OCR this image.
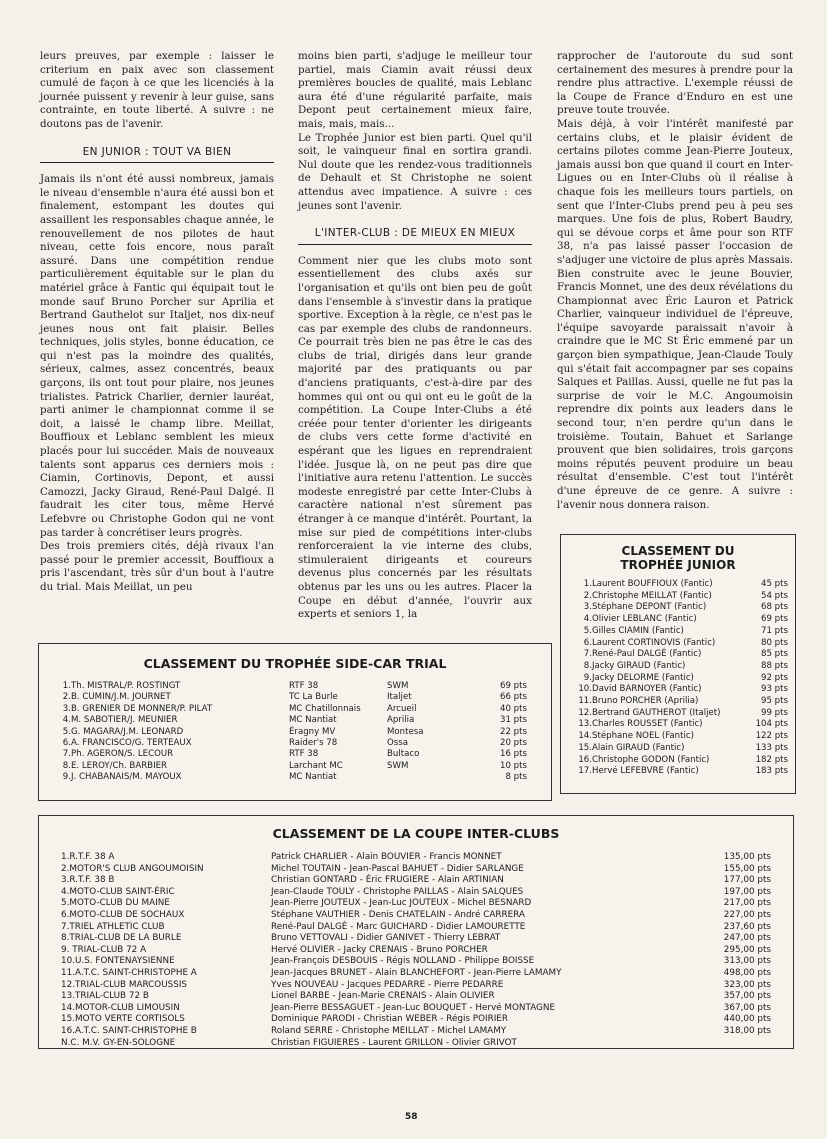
leurs preuves, par exemple : laisser le criterium en paix avec son classement cumulé de façon à ce que les licenciés à la journée puissent y revenir à leur guise, sans contrainte, en toute liberté. A suivre : ne doutons pas de l'avenir.

EN JUNIOR : TOUT VA BIEN

Jamais ils n'ont été aussi nombreux, jamais le niveau d'ensemble n'aura été aussi bon et finalement, estompant les doutes qui assaillent les responsables chaque année, le renouvellement de nos pilotes de haut niveau, cette fois encore, nous paraît assuré. Dans une compétition rendue particulièrement équitable sur le plan du matériel grâce à Fantic qui équipait tout le monde sauf Bruno Porcher sur Aprilia et Bertrand Gauthelot sur Italjet, nos dix-neuf jeunes nous ont fait plaisir. Belles techniques, jolis styles, bonne éducation, ce qui n'est pas la moindre des qualités, sérieux, calmes, assez concentrés, beaux garçons, ils ont tout pour plaire, nos jeunes trialistes. Patrick Charlier, dernier lauréat, parti animer le championnat comme il se doit, a laissé le champ libre. Meillat, Bouffioux et Leblanc semblent les mieux placés pour lui succéder. Mais de nouveaux talents sont apparus ces derniers mois : Ciamin, Cortinovis, Depont, et aussi Camozzi, Jacky Giraud, René-Paul Dalgé. Il faudrait les citer tous, même Hervé Lefebvre ou Christophe Godon qui ne vont pas tarder à concrétiser leurs progrès.

Des trois premiers cités, déjà rivaux l'an passé pour le premier accessit, Bouffioux a pris l'ascendant, très sûr d'un bout à l'autre du trial. Mais Meillat, un peu

moins bien parti, s'adjuge le meilleur tour partiel, mais Ciamin avait réussi deux premières boucles de qualité, mais Leblanc aura été d'une régularité parfaite, mais Depont peut certainement mieux faire, mais, mais, mais...

Le Trophée Junior est bien parti. Quel qu'il soit, le vainqueur final en sortira grandi. Nul doute que les rendez-vous traditionnels de Dehault et St Christophe ne soient attendus avec impatience. A suivre : ces jeunes sont l'avenir.

L'INTER-CLUB : DE MIEUX EN MIEUX

Comment nier que les clubs moto sont essentiellement des clubs axés sur l'organisation et qu'ils ont bien peu de goût dans l'ensemble à s'investir dans la pratique sportive. Exception à la règle, ce n'est pas le cas par exemple des clubs de randonneurs. Ce pourrait très bien ne pas être le cas des clubs de trial, dirigés dans leur grande majorité par des pratiquants ou par d'anciens pratiquants, c'est-à-dire par des hommes qui ont ou qui ont eu le goût de la compétition. La Coupe Inter-Clubs a été créée pour tenter d'orienter les dirigeants de clubs vers cette forme d'activité en espérant que les ligues en reprendraient l'idée. Jusque là, on ne peut pas dire que l'initiative aura retenu l'attention. Le succès modeste enregistré par cette Inter-Clubs à caractère national n'est sûrement pas étranger à ce manque d'intérêt. Pourtant, la mise sur pied de compétitions inter-clubs renforceraient la vie interne des clubs, stimuleraient dirigeants et coureurs devenus plus concernés par les résultats obtenus par les uns ou les autres. Placer la Coupe en début d'année, l'ouvrir aux experts et seniors 1, la

rapprocher de l'autoroute du sud sont certainement des mesures à prendre pour la rendre plus attractive. L'exemple réussi de la Coupe de France d'Enduro en est une preuve toute trouvée.

Mais déjà, à voir l'intérêt manifesté par certains clubs, et le plaisir évident de certains pilotes comme Jean-Pierre Jouteux, jamais aussi bon que quand il court en Inter-Ligues ou en Inter-Clubs où il réalise à chaque fois les meilleurs tours partiels, on sent que l'Inter-Clubs prend peu à peu ses marques. Une fois de plus, Robert Baudry, qui se dévoue corps et âme pour son RTF 38, n'a pas laissé passer l'occasion de s'adjuger une victoire de plus après Massais. Bien construite avec le jeune Bouvier, Francis Monnet, une des deux révélations du Championnat avec Éric Lauron et Patrick Charlier, vainqueur individuel de l'épreuve, l'équipe savoyarde paraissait n'avoir à craindre que le MC St Éric emmené par un garçon bien sympathique, Jean-Claude Touly qui s'était fait accompagner par ses copains Salques et Paillas. Aussi, quelle ne fut pas la surprise de voir le M.C. Angoumoisin reprendre dix points aux leaders dans le second tour, n'en perdre qu'un dans le troisième. Toutain, Bahuet et Sarlange prouvent que bien solidaires, trois garçons moins réputés peuvent produire un beau résultat d'ensemble. C'est tout l'intérêt d'une épreuve de ce genre. A suivre : l'avenir nous donnera raison.

CLASSEMENT DU
TROPHÉE JUNIOR
1.	Laurent BOUFFIOUX (Fantic)	45 pts
2.	Christophe MEILLAT (Fantic)	54 pts
3.	Stéphane DEPONT (Fantic)	68 pts
4.	Olivier LEBLANC (Fantic)	69 pts
5.	Gilles CIAMIN (Fantic)	71 pts
6.	Laurent CORTINOVIS (Fantic)	80 pts
7.	René-Paul DALGÉ (Fantic)	85 pts
8.	Jacky GIRAUD (Fantic)	88 pts
9.	Jacky DELORME (Fantic)	92 pts
10.	David BARNOYER (Fantic)	93 pts
11.	Bruno PORCHER (Aprilia)	95 pts
12.	Bertrand GAUTHEROT (Italjet)	99 pts
13.	Charles ROUSSET (Fantic)	104 pts
14.	Stéphane NOEL (Fantic)	122 pts
15.	Alain GIRAUD (Fantic)	133 pts
16.	Christophe GODON (Fantic)	182 pts
17.	Hervé LEFEBVRE (Fantic)	183 pts
CLASSEMENT DU TROPHÉE SIDE-CAR TRIAL
1.	Th. MISTRAL/P. ROSTINGT	RTF 38	SWM	69 pts
2.	B. CUMIN/J.M. JOURNET	TC La Burle	Italjet	66 pts
3.	B. GRENIER DE MONNER/P. PILAT	MC Chatillonnais	Arcueil	40 pts
4.	M. SABOTIER/J. MEUNIER	MC Nantiat	Aprilia	31 pts
5.	G. MAGARA/J.M. LEONARD	Éragny MV	Montesa	22 pts
6.	A. FRANCISCO/G. TERTEAUX	Raider's 78	Ossa	20 pts
7.	Ph. AGERON/S. LECOUR	RTF 38	Bultaco	16 pts
8.	E. LEROY/Ch. BARBIER	Larchant MC	SWM	10 pts
9.	J. CHABANAIS/M. MAYOUX	MC Nantiat		8 pts
CLASSEMENT DE LA COUPE INTER-CLUBS
1.R.T.F. 38 A	Patrick CHARLIER - Alain BOUVIER - Francis MONNET	135,00 pts
2.MOTOR'S CLUB ANGOUMOISIN	Michel TOUTAIN - Jean-Pascal BAHUET - Didier SARLANGE	155,00 pts
3.R.T.F. 38 B	Christian GONTARD - Éric FRUGIERE - Alain ARTINIAN	177,00 pts
4.MOTO-CLUB SAINT-ÉRIC	Jean-Claude TOULY - Christophe PAILLAS - Alain SALQUES	197,00 pts
5.MOTO-CLUB DU MAINE	Jean-Pierre JOUTEUX - Jean-Luc JOUTEUX - Michel BESNARD	217,00 pts
6.MOTO-CLUB DE SOCHAUX	Stéphane VAUTHIER - Denis CHATELAIN - André CARRERA	227,00 pts
7.TRIEL ATHLETIC CLUB	René-Paul DALGÉ - Marc GUICHARD - Didier LAMOURETTE	237,60 pts
8.TRIAL-CLUB DE LA BURLE	Bruno VETTOVALI - Didier GANIVET - Thierry LEBRAT	247,00 pts
9. TRIAL-CLUB 72 A	Hervé OLIVIER - Jacky CRENAIS - Bruno PORCHER	295,00 pts
10.U.S. FONTENAYSIENNE	Jean-François DESBOUIS - Régis NOLLAND - Philippe BOISSE	313,00 pts
11.A.T.C. SAINT-CHRISTOPHE A	Jean-Jacques BRUNET - Alain BLANCHEFORT - Jean-Pierre LAMAMY	498,00 pts
12.TRIAL-CLUB MARCOUSSIS	Yves NOUVEAU - Jacques PEDARRE - Pierre PEDARRE	323,00 pts
13.TRIAL-CLUB 72 B	Lionel BARBE - Jean-Marie CRENAIS - Alain OLIVIER	357,00 pts
14.MOTOR-CLUB LIMOUSIN	Jean-Pierre BESSAGUET - Jean-Luc BOUQUET - Hervé MONTAGNE	367,00 pts
15.MOTO VERTE CORTISOLS	Dominique PARODI - Christian WEBER - Régis POIRIER	440,00 pts
16.A.T.C. SAINT-CHRISTOPHE B	Roland SERRE - Christophe MEILLAT - Michel LAMAMY	318,00 pts
N.C. M.V. GY-EN-SOLOGNE	Christian FIGUIERES - Laurent GRILLON - Olivier GRIVOT	
58
